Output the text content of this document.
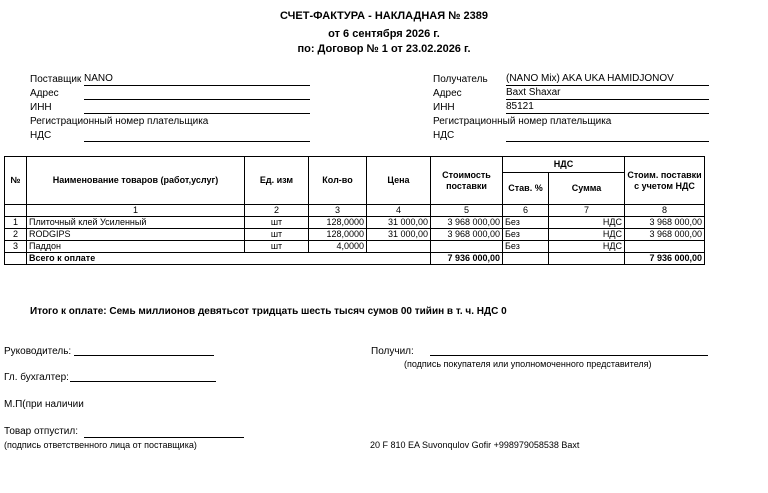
СЧЕТ-ФАКТУРА - НАКЛАДНАЯ № 2389
от 6 сентября 2026 г.
по: Договор № 1 от 23.02.2026 г.
Поставщик NANO
Адрес
ИНН
Регистрационный номер плательщика
НДС
Получатель (NANO Mix) AKA UKA HAMIDJONOV
Адрес	Baxt Shaxar
ИНН	85121
Регистрационный номер плательщика
НДС
№	Наименование товаров (работ,услуг)	Ед. изм	Кол-во	Цена	Стоимость поставки	НДС		Стоим. поставки с учетом НДС
						Став. %	Сумма	
	1	2	3	4	5	6	7	8
1	Плиточный клей Усиленный	шт	128,0000	31 000,00	3 968 000,00	Без	НДС	3 968 000,00
2	RODGIPS	шт	128,0000	31 000,00	3 968 000,00	Без	НДС	3 968 000,00
3	Паддон	шт	4,0000			Без	НДС	
	Всего к оплате				7 936 000,00			7 936 000,00
Итого к оплате: Семь миллионов девятьсот тридцать шесть тысяч сумов 00 тийин в т. ч. НДС 0
Руководитель:
Гл. бухгалтер:
М.П(при наличии
Товар отпустил:
(подпись ответственного лица от поставщика)
Получил:
(подпись покупателя или уполномоченного представителя)
20 F 810 EA Suvonqulov Gofir +998979058538 Baxt
